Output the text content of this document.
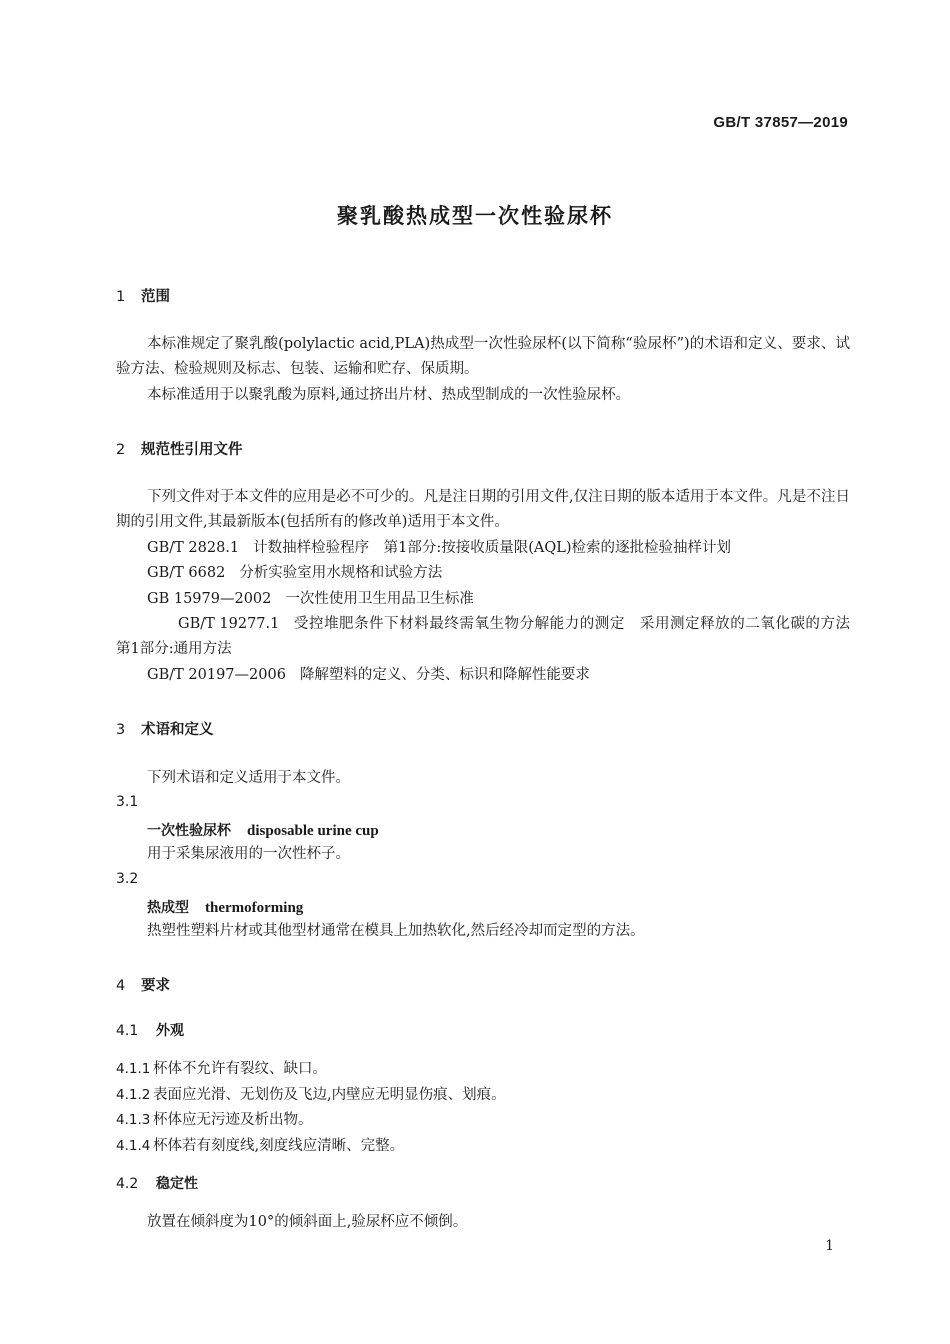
GB/T 37857—2019
聚乳酸热成型一次性验尿杯
1 范围
本标准规定了聚乳酸(polylactic acid,PLA)热成型一次性验尿杯(以下简称“验尿杯”)的术语和定义、要求、试验方法、检验规则及标志、包装、运输和贮存、保质期。
本标准适用于以聚乳酸为原料,通过挤出片材、热成型制成的一次性验尿杯。
2 规范性引用文件
下列文件对于本文件的应用是必不可少的。凡是注日期的引用文件,仅注日期的版本适用于本文件。凡是不注日期的引用文件,其最新版本(包括所有的修改单)适用于本文件。
GB/T 2828.1 计数抽样检验程序　第1部分:按接收质量限(AQL)检索的逐批检验抽样计划
GB/T 6682 分析实验室用水规格和试验方法
GB 15979—2002 一次性使用卫生用品卫生标准
GB/T 19277.1 受控堆肥条件下材料最终需氧生物分解能力的测定　采用测定释放的二氧化碳的方法　第1部分:通用方法
GB/T 20197—2006 降解塑料的定义、分类、标识和降解性能要求
3 术语和定义
下列术语和定义适用于本文件。
3.1
一次性验尿杯 disposable urine cup
用于采集尿液用的一次性杯子。
3.2
热成型 thermoforming
热塑性塑料片材或其他型材通常在模具上加热软化,然后经冷却而定型的方法。
4 要求
4.1 外观
4.1.1 杯体不允许有裂纹、缺口。
4.1.2 表面应光滑、无划伤及飞边,内壁应无明显伤痕、划痕。
4.1.3 杯体应无污迹及析出物。
4.1.4 杯体若有刻度线,刻度线应清晰、完整。
4.2 稳定性
放置在倾斜度为10°的倾斜面上,验尿杯应不倾倒。
1
